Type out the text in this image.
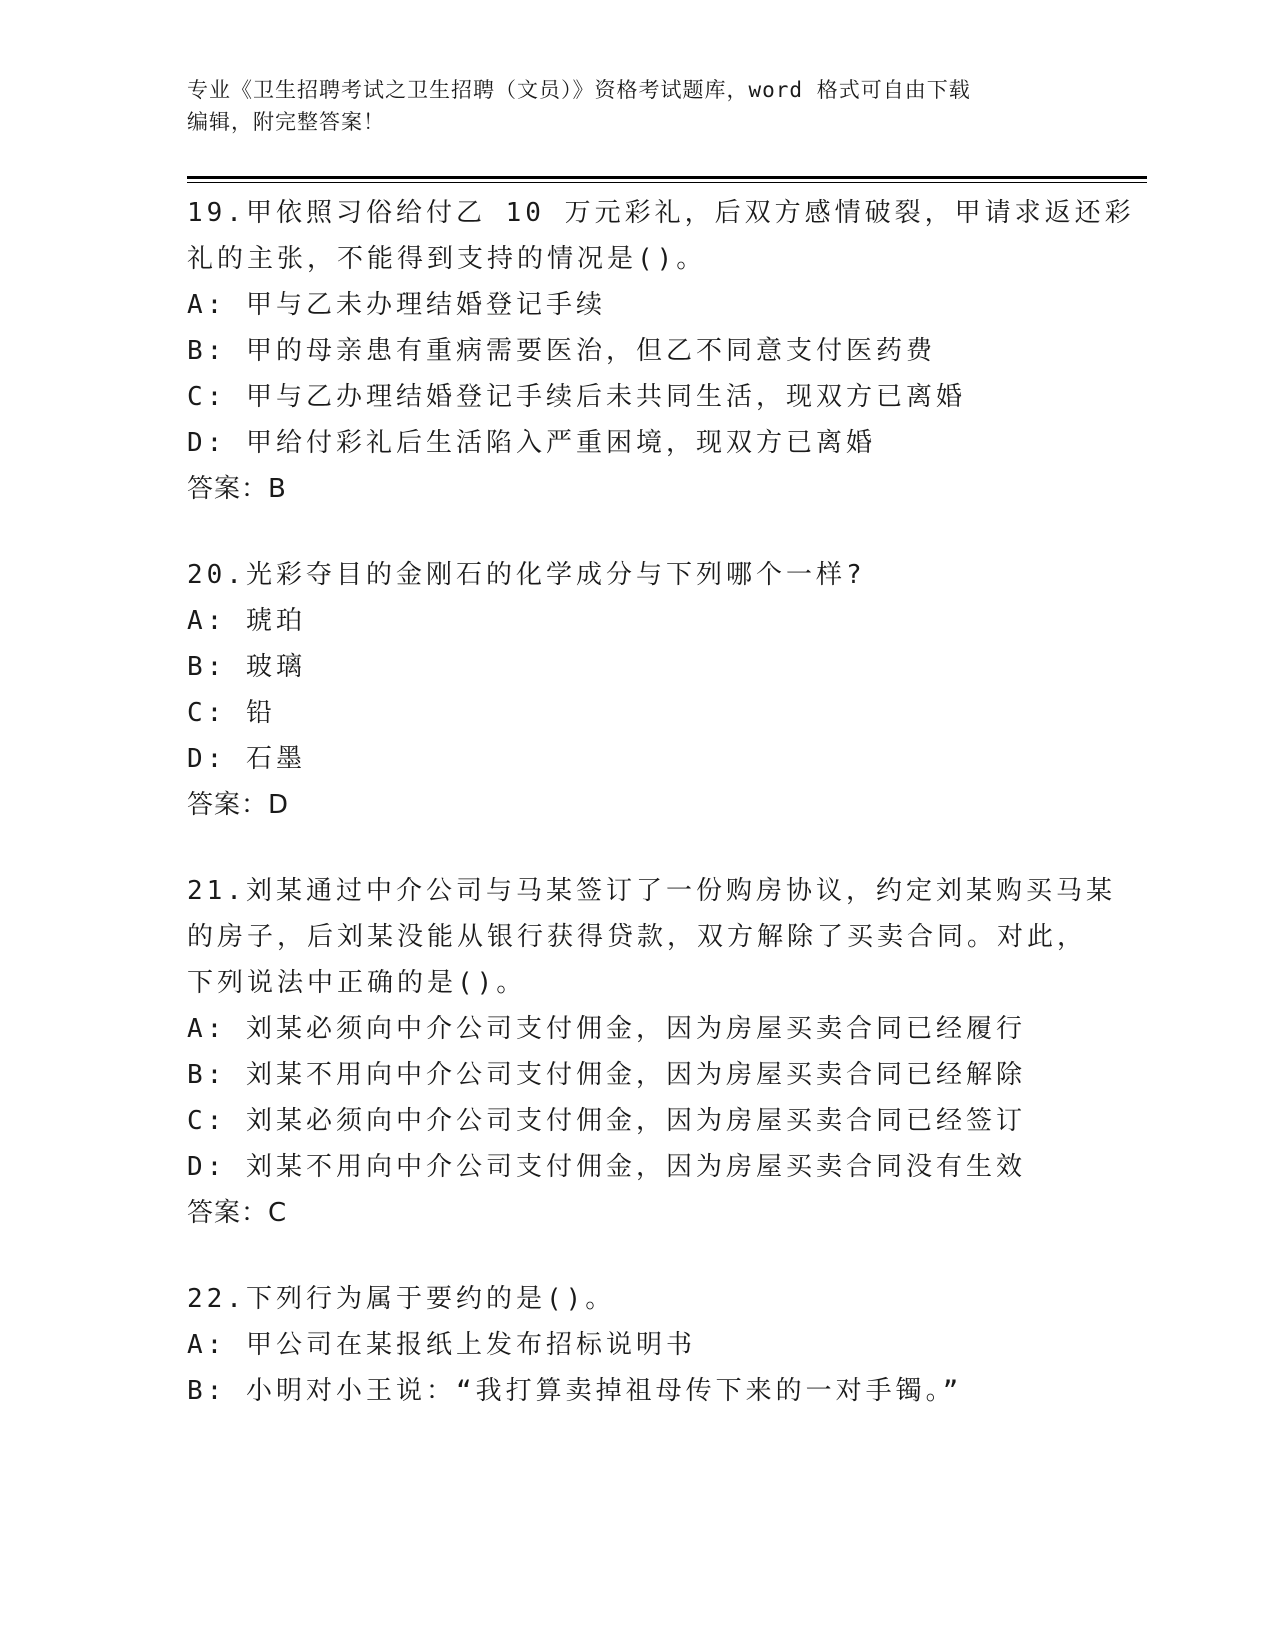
专业《卫生招聘考试之卫生招聘（文员）》资格考试题库，word 格式可自由下载
编辑，附完整答案！
19.甲依照习俗给付乙 10 万元彩礼，后双方感情破裂，甲请求返还彩
礼的主张，不能得到支持的情况是()。
A: 甲与乙未办理结婚登记手续
B: 甲的母亲患有重病需要医治，但乙不同意支付医药费
C: 甲与乙办理结婚登记手续后未共同生活，现双方已离婚
D: 甲给付彩礼后生活陷入严重困境，现双方已离婚
答案：B
20.光彩夺目的金刚石的化学成分与下列哪个一样?
A: 琥珀
B: 玻璃
C: 铅
D: 石墨
答案：D
21.刘某通过中介公司与马某签订了一份购房协议，约定刘某购买马某
的房子，后刘某没能从银行获得贷款，双方解除了买卖合同。对此，
下列说法中正确的是()。
A: 刘某必须向中介公司支付佣金，因为房屋买卖合同已经履行
B: 刘某不用向中介公司支付佣金，因为房屋买卖合同已经解除
C: 刘某必须向中介公司支付佣金，因为房屋买卖合同已经签订
D: 刘某不用向中介公司支付佣金，因为房屋买卖合同没有生效
答案：C
22.下列行为属于要约的是()。
A: 甲公司在某报纸上发布招标说明书
B: 小明对小王说：“我打算卖掉祖母传下来的一对手镯。”
